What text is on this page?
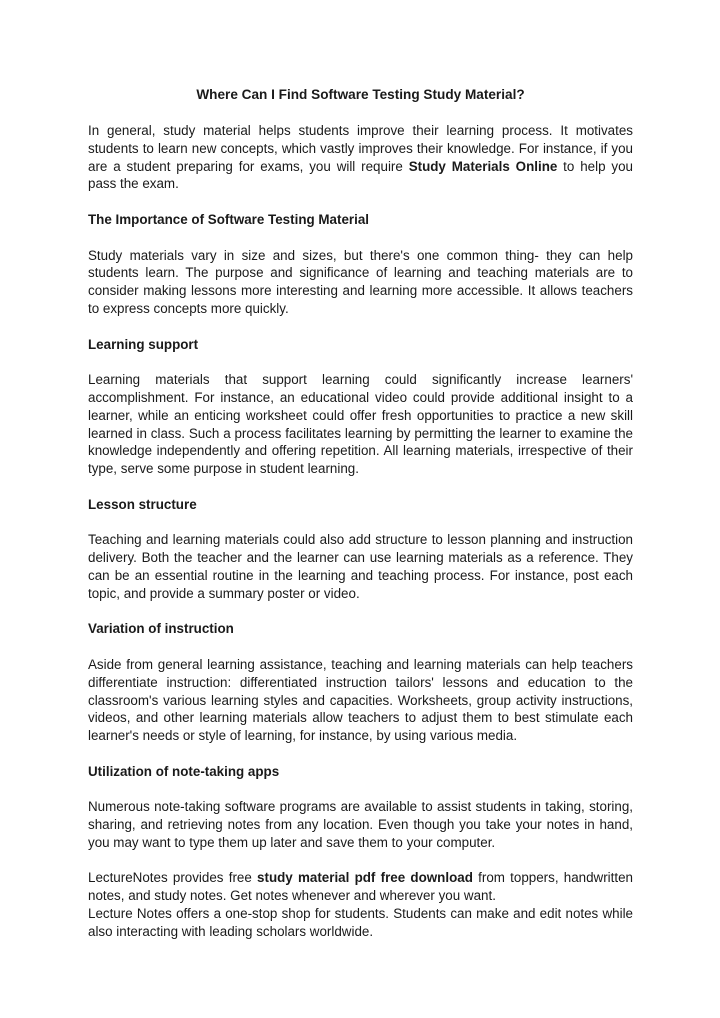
Where Can I Find Software Testing Study Material?

In general, study material helps students improve their learning process. It motivates students to learn new concepts, which vastly improves their knowledge. For instance, if you are a student preparing for exams, you will require Study Materials Online to help you pass the exam.

The Importance of Software Testing Material

Study materials vary in size and sizes, but there's one common thing- they can help students learn. The purpose and significance of learning and teaching materials are to consider making lessons more interesting and learning more accessible. It allows teachers to express concepts more quickly.

Learning support

Learning materials that support learning could significantly increase learners' accomplishment. For instance, an educational video could provide additional insight to a learner, while an enticing worksheet could offer fresh opportunities to practice a new skill learned in class. Such a process facilitates learning by permitting the learner to examine the knowledge independently and offering repetition. All learning materials, irrespective of their type, serve some purpose in student learning.

Lesson structure

Teaching and learning materials could also add structure to lesson planning and instruction delivery. Both the teacher and the learner can use learning materials as a reference. They can be an essential routine in the learning and teaching process. For instance, post each topic, and provide a summary poster or video.

Variation of instruction

Aside from general learning assistance, teaching and learning materials can help teachers differentiate instruction: differentiated instruction tailors' lessons and education to the classroom's various learning styles and capacities. Worksheets, group activity instructions, videos, and other learning materials allow teachers to adjust them to best stimulate each learner's needs or style of learning, for instance, by using various media.

Utilization of note-taking apps

Numerous note-taking software programs are available to assist students in taking, storing, sharing, and retrieving notes from any location. Even though you take your notes in hand, you may want to type them up later and save them to your computer.

LectureNotes provides free study material pdf free download from toppers, handwritten notes, and study notes. Get notes whenever and wherever you want.

Lecture Notes offers a one-stop shop for students. Students can make and edit notes while also interacting with leading scholars worldwide.
